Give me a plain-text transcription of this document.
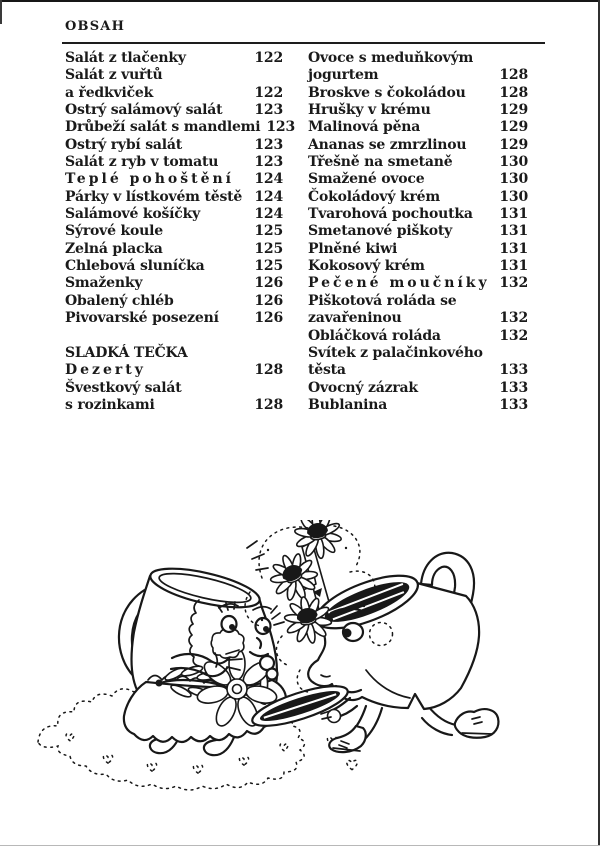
OBSAH
Salát z tlačenky	122
Salát z vuřtů
a ředkviček	122
Ostrý salámový salát 123
Drůbeží salát s mandlemi 123
Ostrý rybí salát	123
Salát z ryb v tomatu	123
Teplé pohoštění 124
Párky v lístkovém těstě 124
Salámové košíčky	124
Sýrové koule	125
Zelná placka	125
Chlebová sluníčka	125
Smaženky	126
Obalený chléb	126
Pivovarské posezení	126
SLADKÁ TEČKA
Dezerty	128
Švestkový salát
s rozinkami	128
Ovoce s meduňkovým
jogurtem	128
Broskve s čokoládou 128
Hrušky v krému	129
Malinová pěna	129
Ananas se zmrzlinou 129
Třešně na smetaně	130
Smažené ovoce	130
Čokoládový krém	130
Tvarohová pochoutka 131
Smetanové piškoty	131
Plněné kiwi	131
Kokosový krém	131
Pečené moučníky 132
Piškotová roláda se
zavařeninou	132
Obláčková roláda	132
Svítek z palačinkového
těsta	133
Ovocný zázrak	133
Bublanina	133
